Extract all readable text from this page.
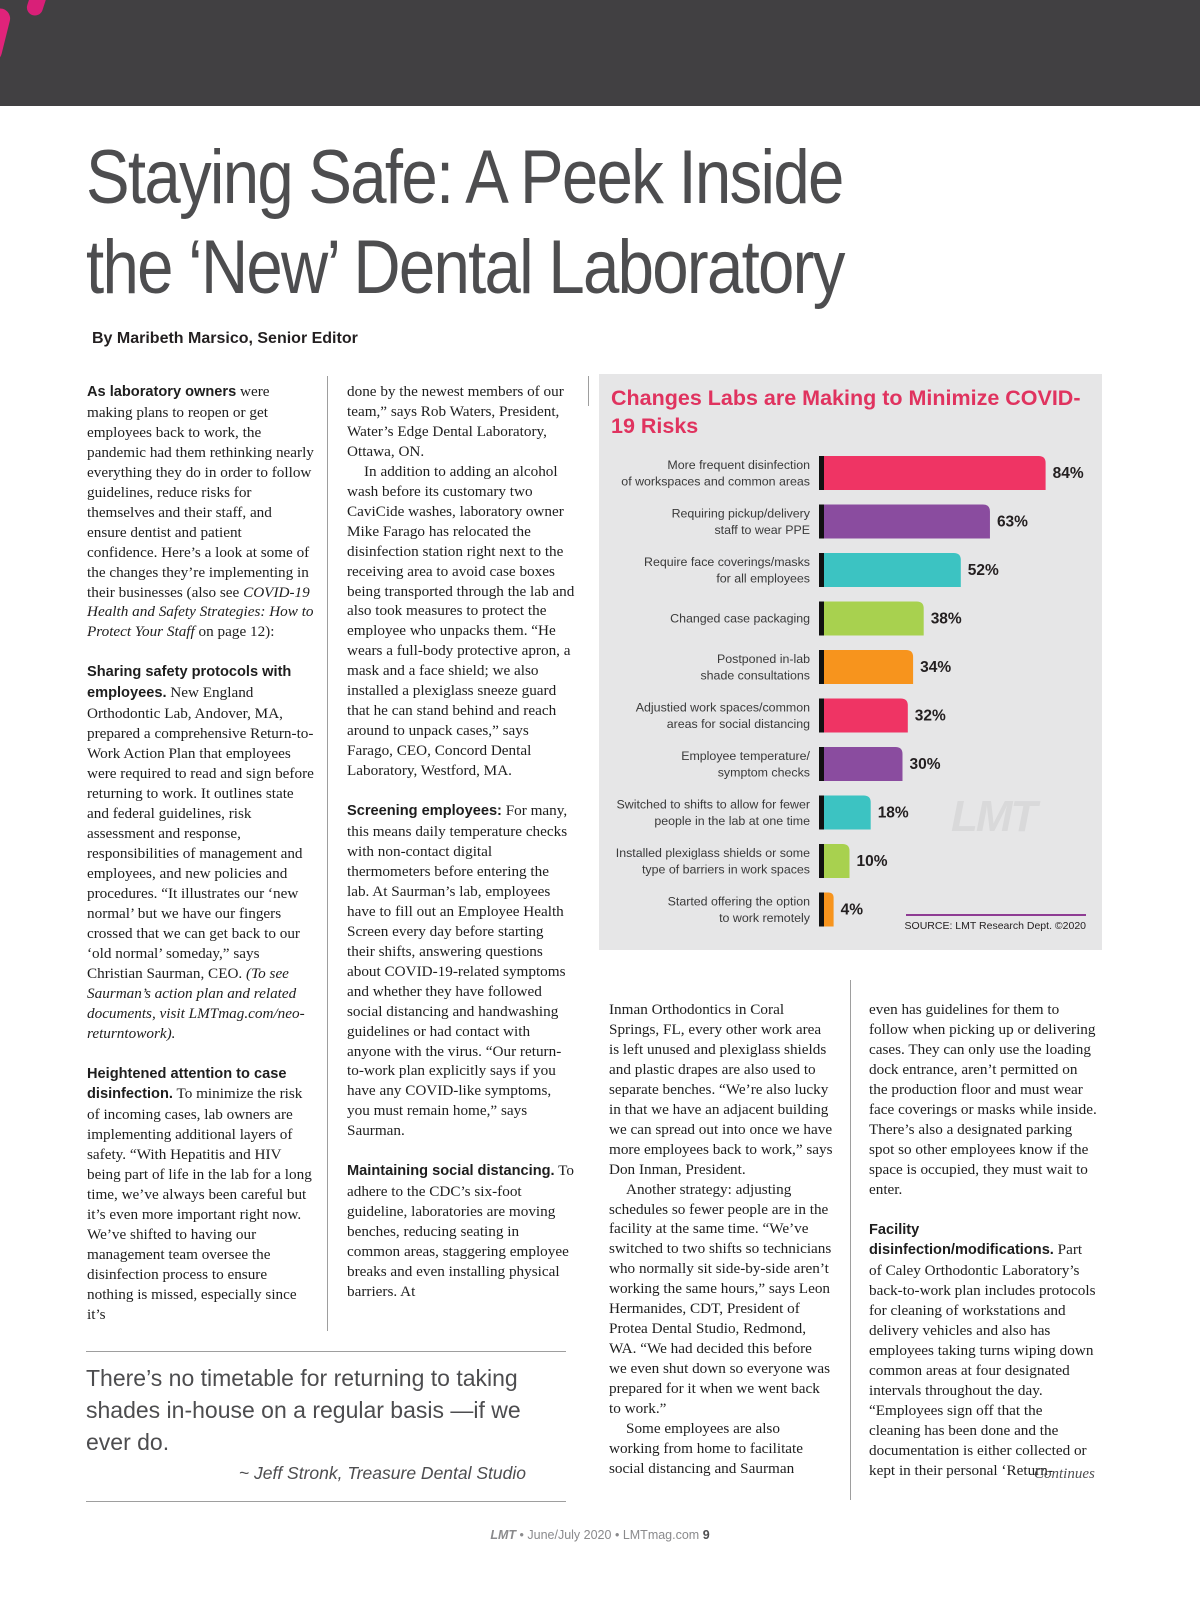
Staying Safe: A Peek Inside
the ‘New’ Dental Laboratory

By Maribeth Marsico, Senior Editor

As laboratory owners were making plans to reopen or get employees back to work, the pandemic had them rethinking nearly everything they do in order to follow guidelines, reduce risks for themselves and their staff, and ensure dentist and patient confidence. Here’s a look at some of the changes they’re implementing in their businesses (also see COVID-19 Health and Safety Strategies: How to Protect Your Staff on page 12):

Sharing safety protocols with employees. New England Orthodontic Lab, Andover, MA, prepared a comprehensive Return-to-Work Action Plan that employees were required to read and sign before returning to work. It outlines state and federal guidelines, risk assessment and response, responsibilities of management and employees, and new policies and procedures. “It illustrates our ‘new normal’ but we have our fingers crossed that we can get back to our ‘old normal’ someday,” says Christian Saurman, CEO. (To see Saurman’s action plan and related documents, visit LMTmag.com/neo-returntowork).

Heightened attention to case disinfection. To minimize the risk of incoming cases, lab owners are implementing additional layers of safety. “With Hepatitis and HIV being part of life in the lab for a long time, we’ve always been careful but it’s even more important right now. We’ve shifted to having our management team oversee the disinfection process to ensure nothing is missed, especially since it’s

done by the newest members of our team,” says Rob Waters, President, Water’s Edge Dental Laboratory, Ottawa, ON.

In addition to adding an alcohol wash before its customary two CaviCide washes, laboratory owner Mike Farago has relocated the disinfection station right next to the receiving area to avoid case boxes being transported through the lab and also took measures to protect the employee who unpacks them. “He wears a full-body protective apron, a mask and a face shield; we also installed a plexiglass sneeze guard that he can stand behind and reach around to unpack cases,” says Farago, CEO, Concord Dental Laboratory, Westford, MA.

Screening employees: For many, this means daily temperature checks with non-contact digital thermometers before entering the lab. At Saurman’s lab, employees have to fill out an Employee Health Screen every day before starting their shifts, answering questions about COVID-19-related symptoms and whether they have followed social distancing and handwashing guidelines or had contact with anyone with the virus. “Our return-to-work plan explicitly says if you have any COVID-like symptoms, you must remain home,” says Saurman.

Maintaining social distancing. To adhere to the CDC’s six-foot guideline, laboratories are moving benches, reducing seating in common areas, staggering employee breaks and even installing physical barriers. At

Changes Labs are Making to Minimize COVID-19 Risks
LMT
84%
More frequent disinfection
of workspaces and common areas
63%
Requiring pickup/delivery
staff to wear PPE
52%
Require face coverings/masks
for all employees
38%
Changed case packaging
34%
Postponed in-lab
shade consultations
32%
Adjustied work spaces/common
areas for social distancing
30%
Employee temperature/
symptom checks
18%
Switched to shifts to allow for fewer
people in the lab at one time
10%
Installed plexiglass shields or some
type of barriers in work spaces
4%
Started offering the option
to work remotely
SOURCE: LMT Research Dept. ©2020

Inman Orthodontics in Coral Springs, FL, every other work area is left unused and plexiglass shields and plastic drapes are also used to separate benches. “We’re also lucky in that we have an adjacent building we can spread out into once we have more employees back to work,” says Don Inman, President.

Another strategy: adjusting schedules so fewer people are in the facility at the same time. “We’ve switched to two shifts so technicians who normally sit side-by-side aren’t working the same hours,” says Leon Hermanides, CDT, President of Protea Dental Studio, Redmond, WA. “We had decided this before we even shut down so everyone was prepared for it when we went back to work.”

Some employees are also working from home to facilitate social distancing and Saurman

even has guidelines for them to follow when picking up or delivering cases. They can only use the loading dock entrance, aren’t permitted on the production floor and must wear face coverings or masks while inside. There’s also a designated parking spot so other employees know if the space is occupied, they must wait to enter.

Facility disinfection/modifications. Part of Caley Orthodontic Laboratory’s back-to-work plan includes protocols for cleaning of workstations and delivery vehicles and also has employees taking turns wiping down common areas at four designated intervals throughout the day. “Employees sign off that the cleaning has been done and the documentation is either collected or kept in their personal ‘Return-

There’s no timetable for returning to taking shades in-house on a regular basis —if we ever do.

~ Jeff Stronk, Treasure Dental Studio	Continues
LMT • June/July 2020 • LMTmag.com 9
